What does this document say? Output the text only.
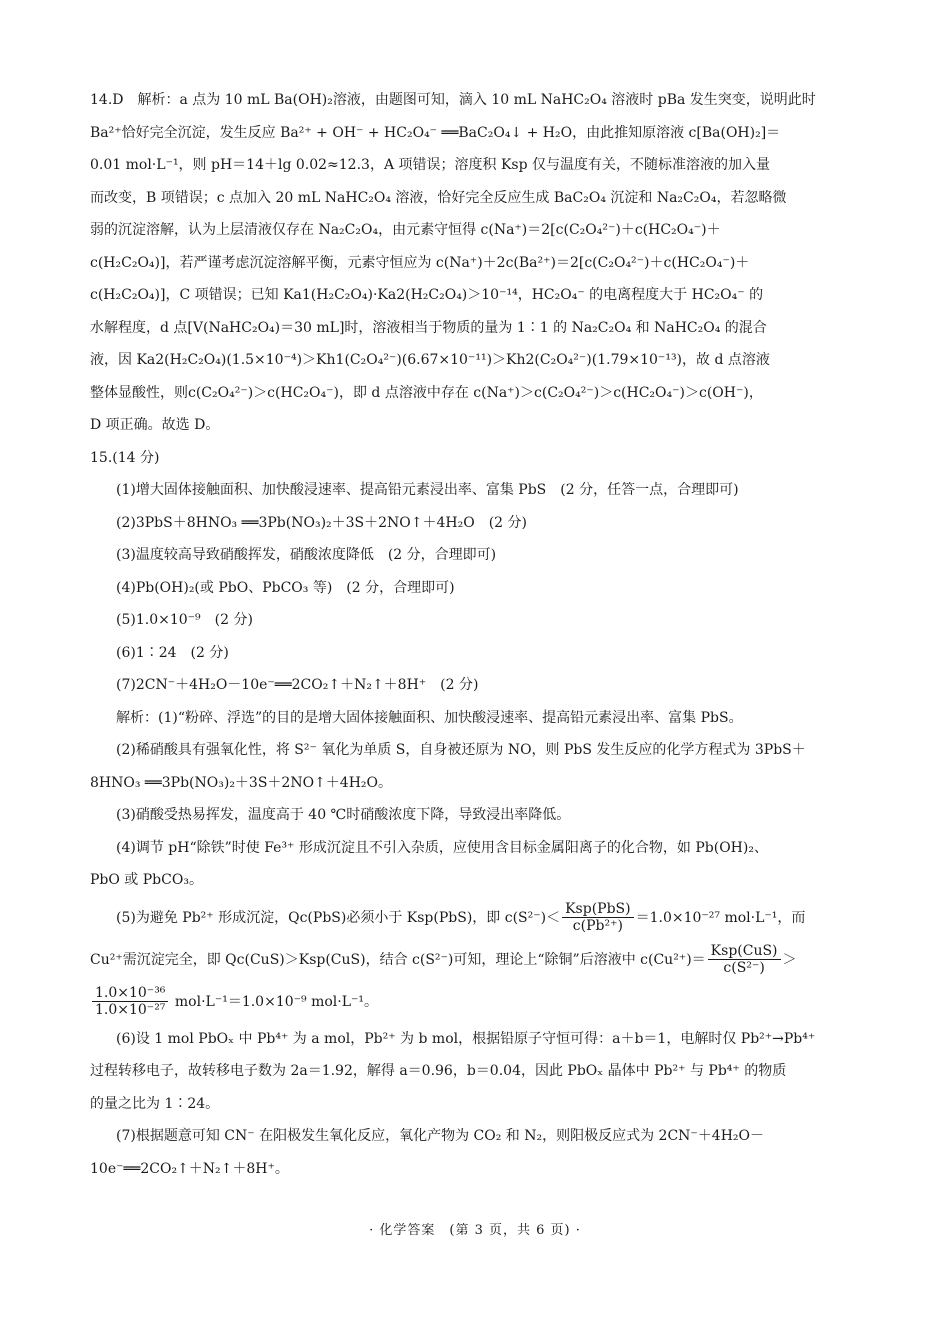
14.D　解析：a 点为 10 mL Ba(OH)₂溶液，由题图可知，滴入 10 mL NaHC₂O₄ 溶液时 pBa 发生突变，说明此时
Ba²⁺恰好完全沉淀，发生反应 Ba²⁺ + OH⁻ + HC₂O₄⁻ ══BaC₂O₄↓ + H₂O，由此推知原溶液 c[Ba(OH)₂]＝
0.01 mol·L⁻¹，则 pH＝14＋lg 0.02≈12.3，A 项错误；溶度积 Ksp 仅与温度有关，不随标准溶液的加入量
而改变，B 项错误；c 点加入 20 mL NaHC₂O₄ 溶液，恰好完全反应生成 BaC₂O₄ 沉淀和 Na₂C₂O₄，若忽略微
弱的沉淀溶解，认为上层清液仅存在 Na₂C₂O₄，由元素守恒得 c(Na⁺)＝2[c(C₂O₄²⁻)＋c(HC₂O₄⁻)＋
c(H₂C₂O₄)]，若严谨考虑沉淀溶解平衡，元素守恒应为 c(Na⁺)＋2c(Ba²⁺)＝2[c(C₂O₄²⁻)＋c(HC₂O₄⁻)＋
c(H₂C₂O₄)]，C 项错误；已知 Ka1(H₂C₂O₄)·Ka2(H₂C₂O₄)＞10⁻¹⁴，HC₂O₄⁻ 的电离程度大于 HC₂O₄⁻ 的
水解程度，d 点[V(NaHC₂O₄)＝30 mL]时，溶液相当于物质的量为 1∶1 的 Na₂C₂O₄ 和 NaHC₂O₄ 的混合
液，因 Ka2(H₂C₂O₄)(1.5×10⁻⁴)＞Kh1(C₂O₄²⁻)(6.67×10⁻¹¹)＞Kh2(C₂O₄²⁻)(1.79×10⁻¹³)，故 d 点溶液
整体显酸性，则c(C₂O₄²⁻)＞c(HC₂O₄⁻)，即 d 点溶液中存在 c(Na⁺)＞c(C₂O₄²⁻)＞c(HC₂O₄⁻)＞c(OH⁻)，
D 项正确。故选 D。
15.(14 分)
(1)增大固体接触面积、加快酸浸速率、提高铅元素浸出率、富集 PbS　(2 分，任答一点，合理即可)
(2)3PbS＋8HNO₃ ══3Pb(NO₃)₂＋3S＋2NO↑＋4H₂O　(2 分)
(3)温度较高导致硝酸挥发，硝酸浓度降低　(2 分，合理即可)
(4)Pb(OH)₂(或 PbO、PbCO₃ 等)　(2 分，合理即可)
(5)1.0×10⁻⁹　(2 分)
(6)1∶24　(2 分)
(7)2CN⁻＋4H₂O－10e⁻══2CO₂↑＋N₂↑＋8H⁺　(2 分)
解析：(1)“粉碎、浮选”的目的是增大固体接触面积、加快酸浸速率、提高铅元素浸出率、富集 PbS。
(2)稀硝酸具有强氧化性，将 S²⁻ 氧化为单质 S，自身被还原为 NO，则 PbS 发生反应的化学方程式为 3PbS＋
8HNO₃ ══3Pb(NO₃)₂＋3S＋2NO↑＋4H₂O。
(3)硝酸受热易挥发，温度高于 40 ℃时硝酸浓度下降，导致浸出率降低。
(4)调节 pH“除铁”时使 Fe³⁺ 形成沉淀且不引入杂质，应使用含目标金属阳离子的化合物，如 Pb(OH)₂、
PbO 或 PbCO₃。
(5)为避免 Pb²⁺ 形成沉淀，Qc(PbS)必须小于 Ksp(PbS)，即 $c(S^{2-})< \frac{\text{Ksp(PbS)}}{\text{c(Pb²⁺)}} =1.0\times 10^{-27}$ mol·L⁻¹，而
Cu²⁺需沉淀完全，即 Qc(CuS)＞Ksp(CuS)，结合 c(S²⁻)可知，理论上“除铜”后溶液中 $c(Cu^{2+})= \frac{\text{Ksp(CuS)}}{\text{c(S²⁻)}}$ ＞
$\frac{\text{1.0×10⁻³⁶}}{\text{1.0×10⁻²⁷}} mol\cdot L^{-1}=1.0\times 10^{-9}$ mol·L⁻¹。
(6)设 1 mol PbOₓ 中 Pb⁴⁺ 为 a mol，Pb²⁺ 为 b mol，根据铅原子守恒可得：a＋b＝1，电解时仅 Pb²⁺→Pb⁴⁺
过程转移电子，故转移电子数为 2a＝1.92，解得 a＝0.96，b＝0.04，因此 PbOₓ 晶体中 Pb²⁺ 与 Pb⁴⁺ 的物质
的量之比为 1∶24。
(7)根据题意可知 CN⁻ 在阳极发生氧化反应，氧化产物为 CO₂ 和 N₂，则阳极反应式为 2CN⁻＋4H₂O－
10e⁻══2CO₂↑＋N₂↑＋8H⁺。
· 化学答案　(第 3 页，共 6 页) ·
